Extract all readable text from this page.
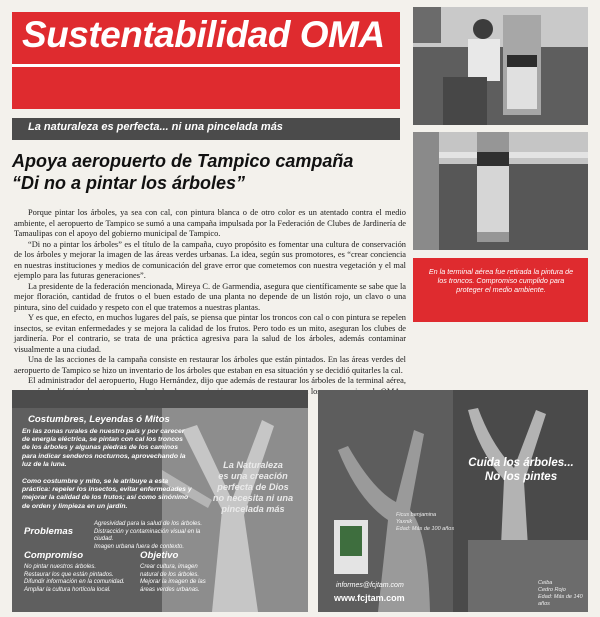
Sustentabilidad OMA
La naturaleza es perfecta... ni una pincelada más
Apoya aeropuerto de Tampico campaña
“Di no a pintar los árboles”

Porque pintar los árboles, ya sea con cal, con pintura blanca o de otro color es un atentado contra el medio ambiente, el aeropuerto de Tampico se sumó a una campaña impulsada por la Federación de Clubes de Jardinería de Tamaulipas con el apoyo del gobierno municipal de Tampico.

“Di no a pintar los árboles” es el título de la campaña, cuyo propósito es fomentar una cultura de conservación de los árboles y mejorar la imagen de las áreas verdes urbanas. La idea, según sus promotores, es “crear conciencia en nuestras instituciones y medios de comunicación del grave error que cometemos con nuestra vegetación y el mal ejemplo para las futuras generaciones”.

La presidente de la federación mencionada, Mireya C. de Garmendia, asegura que científicamente se sabe que la mejor floración, cantidad de frutos o el buen estado de una planta no depende de un listón rojo, un clavo o una pintura, sino del cuidado y respeto con el que tratemos a nuestras plantas.

Y es que, en efecto, en muchos lugares del país, se piensa que pintar los troncos con cal o con pintura se repelen insectos, se evitan enfermedades y se mejora la calidad de los frutos. Pero todo es un mito, aseguran los clubes de jardinería. Por el contrario, se trata de una práctica agresiva para la salud de los árboles, además contaminar visualmente a una ciudad.

Una de las acciones de la campaña consiste en restaurar los árboles que están pintados. En las áreas verdes del aeropuerto de Tampico se hizo un inventario de los árboles que estaban en esa situación y se decidió quitarles la cal.

El administrador del aeropuerto, Hugo Hernández, dijo que además de restaurar los árboles de la terminal aérea, los

En la terminal aérea fue retirada la pintura de los troncos. Compromiso cumplido para proteger el medio ambiente.
Costumbres, Leyendas ó Mitos
En las zonas rurales de nuestro país y por carecer de energía eléctrica, se pintan con cal los troncos de los árboles y algunas piedras de los caminos para indicar senderos nocturnos, aprovechando la luz de la luna.
Como costumbre y mito, se le atribuye a esta práctica: repeler los insectos, evitar enfermedades y mejorar la calidad de los frutos; así como sinónimo de orden y limpieza en un jardín.
Problemas
Agresividad para la salud de los árboles.
Distracción y contaminación visual en la ciudad.
Imagen urbana fuera de contexto.
Compromiso
No pintar nuestros árboles.
Restaurar los que están pintados.
Difundir información en la comunidad.
Ampliar la cultura hortícola local.
Objetivo
Crear cultura, imagen
natural de los árboles.
Mejorar la imagen de las
áreas verdes urbanas.
La Naturaleza
es una creación
perfecta de Dios
no necesita ni una
pincelada más
Cuida los árboles...
No los pintes
Ficus benjamina
Yaxnik
Edad: Más de 100 años
Ceiba
Cedro Rojo
Edad: Más de 140 años
informes@fcjtam.com
www.fcjtam.com
